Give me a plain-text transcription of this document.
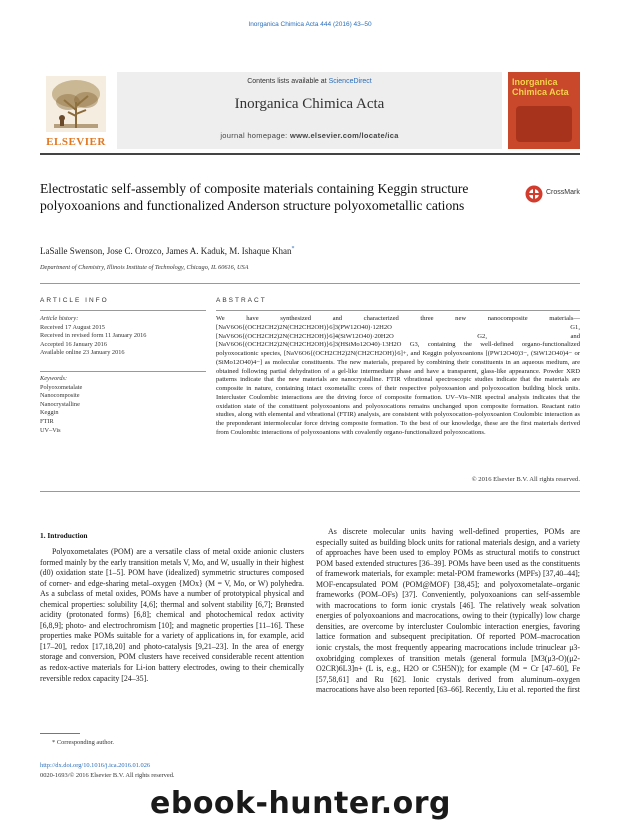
Inorganica Chimica Acta 444 (2016) 43–50
ELSEVIER
Contents lists available at ScienceDirect
Inorganica Chimica Acta
journal homepage: www.elsevier.com/locate/ica
Inorganica Chimica Acta
Electrostatic self-assembly of composite materials containing Keggin structure polyoxoanions and functionalized Anderson structure polyoxometallic cations
CrossMark
LaSalle Swenson, Jose C. Orozco, James A. Kaduk, M. Ishaque Khan*
Department of Chemistry, Illinois Institute of Technology, Chicago, IL 60616, USA
ARTICLE INFO	ABSTRACT
Article history:
Received 17 August 2015
Received in revised form 11 January 2016
Accepted 16 January 2016
Available online 23 January 2016
Keywords:
Polyoxometalate
Nanocomposite
Nanocrystalline
Keggin
FTIR
UV–Vis
We have synthesized and characterized three new nanocomposite materials—[NaV6O6{(OCH2CH2)2N(CH2CH2OH)}6]3(PW12O40)·12H2O G1, [NaV6O6{(OCH2CH2)2N(CH2CH2OH)}6]4(SiW12O40)·20H2O G2, and [NaV6O6{(OCH2CH2)2N(CH2CH2OH)}6]3(HSiMo12O40)·13H2O G3, containing the well-defined organo-functionalized polyoxocationic species, [NaV6O6{(OCH2CH2)2N(CH2CH2OH)}6]+, and Keggin polyoxoanions [(PW12O40)3−, (SiW12O40)4− or (SiMo12O40)4−] as molecular constituents. The new materials, prepared by combining their constituents in an aqueous medium, are obtained following partial dehydration of a gel-like intermediate phase and have a transparent, glass-like appearance. Powder XRD patterns indicate that the new materials are nanocrystalline. FTIR vibrational spectroscopic studies indicate that the materials are composite in nature, containing intact oxometallic cores of their respective polyoxoanion and polyoxocation building block units. Intercluster Coulombic interactions are the driving force of composite formation. UV–Vis–NIR spectral analysis indicates that the oxidation state of the constituent polyoxoanions and polyoxocations remains unchanged upon composite formation. Reactant ratio studies, along with elemental and vibrational (FTIR) analysis, are consistent with polyoxocation–polyoxoanion Coulombic interaction as the preponderant intermolecular force driving composite formation. To the best of our knowledge, these are the first materials derived from Coulombic interactions of polyoxoanions with covalently organo-functionalized polyoxocations.
© 2016 Elsevier B.V. All rights reserved.
1. Introduction
Polyoxometalates (POM) are a versatile class of metal oxide anionic clusters formed mainly by the early transition metals V, Mo, and W, usually in their highest (d0) oxidation state [1–5]. POM have (idealized) symmetric structures composed of corner- and edge-sharing metal–oxygen {MOx} (M = V, Mo, or W) polyhedra. As a subclass of metal oxides, POMs have a number of prototypical physical and chemical properties: solubility [4,6]; thermal and solvent stability [6,7]; Brønsted acidity (protonated forms) [6,8]; chemical and photochemical redox activity [6,8,9]; photo- and electrochromism [10]; and magnetic properties [11–16]. These properties make POMs suitable for a variety of applications in, for example, acid [17–20], redox [17,18,20] and photo-catalysis [9,21–23]. In the area of energy storage and conversion, POM clusters have received considerable recent attention as redox-active materials for Li-ion battery electrodes, owing to their chemically reversible redox capacity [24–35].
As discrete molecular units having well-defined properties, POMs are especially suited as building block units for rational materials design, and a variety of approaches have been used to employ POMs as structural motifs to construct POM based extended structures [36–39]. POMs have been used as the constituents of framework materials, for example: metal-POM frameworks (MPFs) [37,40–44]; MOF-encapsulated POM (POM@MOF) [38,45]; and polyoxometalate–organic frameworks (POM–OFs) [37]. Conveniently, polyoxoanions can self-assemble with macrocations to form ionic crystals [46]. The relatively weak solvation energies of polyoxoanions and macrocations, owing to their (typically) low charge densities, are overcome by intercluster Coulombic interaction energies, favoring lattice formation and subsequent precipitation. Of reported POM–macrocation ionic crystals, the most frequently appearing macrocations include trinuclear μ3-oxobridging complexes of transition metals (general formula [M3(μ3-O)(μ2-O2CR)6L3]n+ (L is, e.g., H2O or C5H5N)); for example (M = Cr [47–60], Fe [57,58,61] and Ru [62]. Ionic crystals derived from aluminum–oxygen macrocations have also been reported [63–66]. Recently, Liu et al. reported the first
* Corresponding author.
http://dx.doi.org/10.1016/j.ica.2016.01.026
0020-1693/© 2016 Elsevier B.V. All rights reserved.
ebook-hunter.org
